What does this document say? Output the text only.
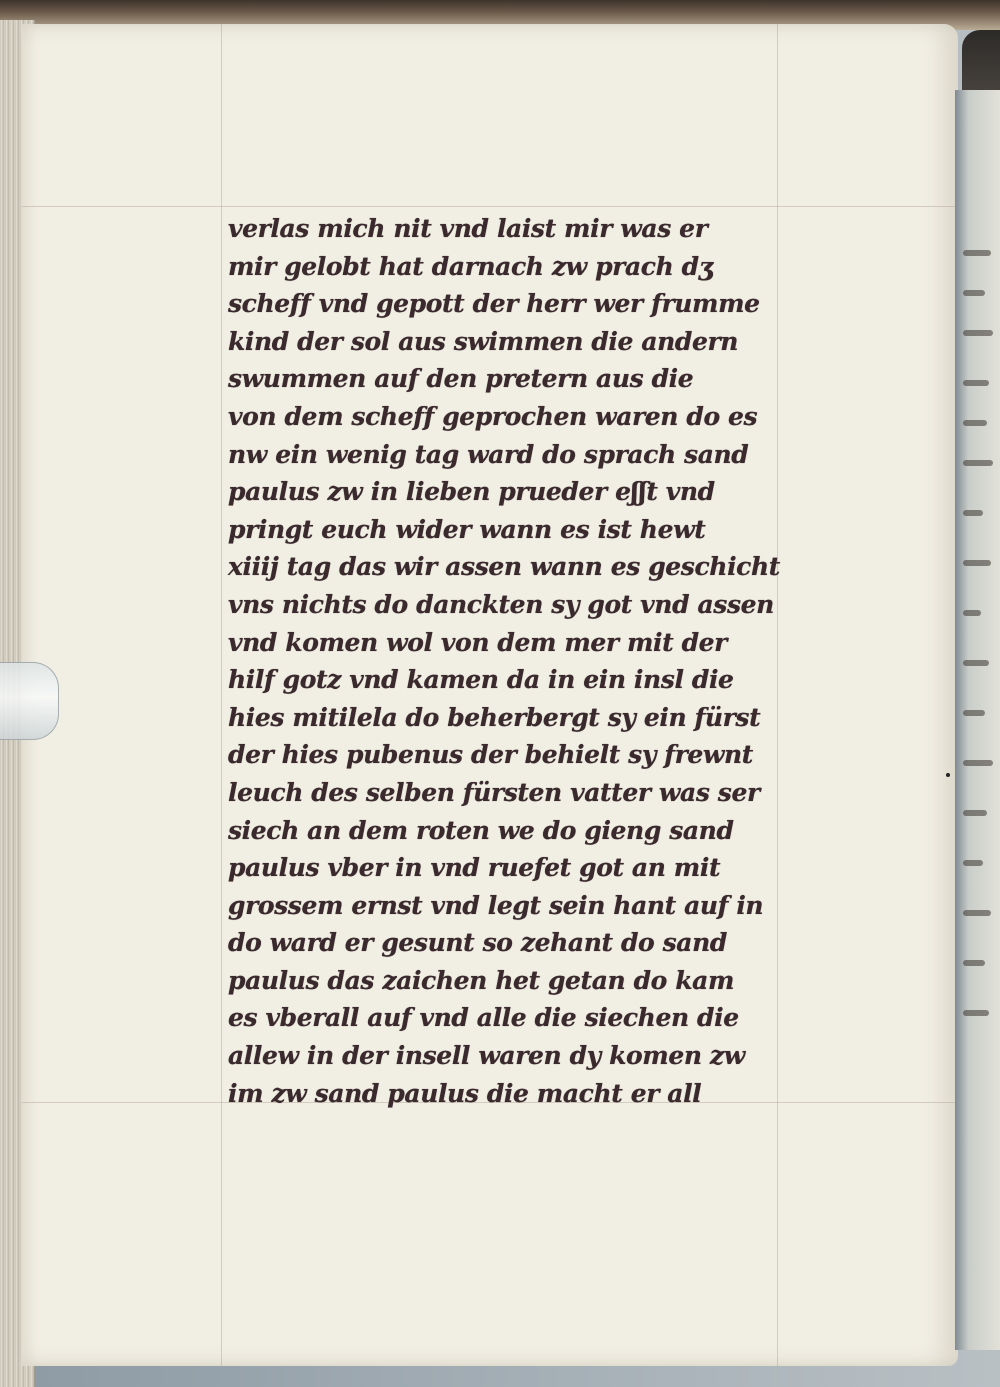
verlas mich nit vnd laist mir was er
mir gelobt hat darnach zw prach dʒ
scheff vnd gepott der herr wer frumme
kind der sol aus swimmen die andern
swummen auf den pretern aus die
von dem scheff geprochen waren do es
nw ein wenig tag ward do sprach sand
paulus zw in lieben prueder eʃʃt vnd
pringt euch wider wann es ist hewt
xiiij tag das wir assen wann es geschicht
vns nichts do danckten sy got vnd assen
vnd komen wol von dem mer mit der
hilf gotz vnd kamen da in ein insl die
hies mitilela do beherbergt sy ein fürst
der hies pubenus der behielt sy frewnt
leuch des selben fürsten vatter was ser
siech an dem roten we do gieng sand
paulus vber in vnd ruefet got an mit
grossem ernst vnd legt sein hant auf in
do ward er gesunt so zehant do sand
paulus das zaichen het getan do kam
es vberall auf vnd alle die siechen die
allew in der insell waren dy komen zw
im zw sand paulus die macht er all
